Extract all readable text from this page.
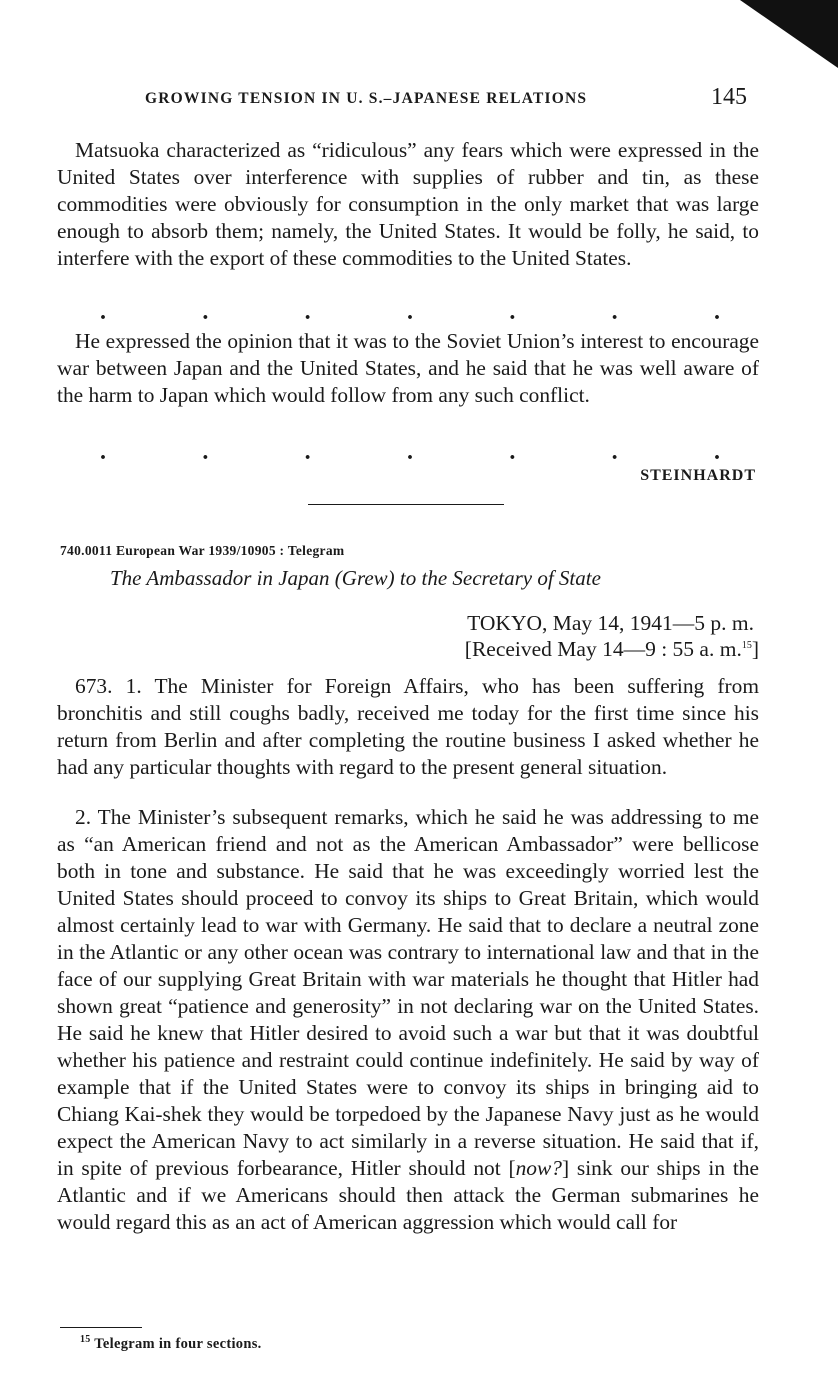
GROWING TENSION IN U. S.–JAPANESE RELATIONS	145

Matsuoka characterized as “ridiculous” any fears which were expressed in the United States over interference with supplies of rubber and tin, as these commodities were obviously for consumption in the only market that was large enough to absorb them; namely, the United States. It would be folly, he said, to interfere with the export of these commodities to the United States.

.	.	.	.	.	.	.

He expressed the opinion that it was to the Soviet Union’s interest to encourage war between Japan and the United States, and he said that he was well aware of the harm to Japan which would follow from any such conflict.

.	.	.	.	.	.	.
STEINHARDT
740.0011 European War 1939/10905 : Telegram
The Ambassador in Japan (Grew) to the Secretary of State
TOKYO, May 14, 1941—5 p. m.
[Received May 14—9 : 55 a. m.$^{15}$]

673. 1. The Minister for Foreign Affairs, who has been suffering from bronchitis and still coughs badly, received me today for the first time since his return from Berlin and after completing the routine business I asked whether he had any particular thoughts with regard to the present general situation.

2. The Minister’s subsequent remarks, which he said he was addressing to me as “an American friend and not as the American Ambassador” were bellicose both in tone and substance. He said that he was exceedingly worried lest the United States should proceed to convoy its ships to Great Britain, which would almost certainly lead to war with Germany. He said that to declare a neutral zone in the Atlantic or any other ocean was contrary to international law and that in the face of our supplying Great Britain with war materials he thought that Hitler had shown great “patience and generosity” in not declaring war on the United States. He said he knew that Hitler desired to avoid such a war but that it was doubtful whether his patience and restraint could continue indefinitely. He said by way of example that if the United States were to convoy its ships in bringing aid to Chiang Kai-shek they would be torpedoed by the Japanese Navy just as he would expect the American Navy to act similarly in a reverse situation. He said that if, in spite of previous forbearance, Hitler should not [now?] sink our ships in the Atlantic and if we Americans should then attack the German submarines he would regard this as an act of American aggression which would call for

$^{15}$ Telegram in four sections.
